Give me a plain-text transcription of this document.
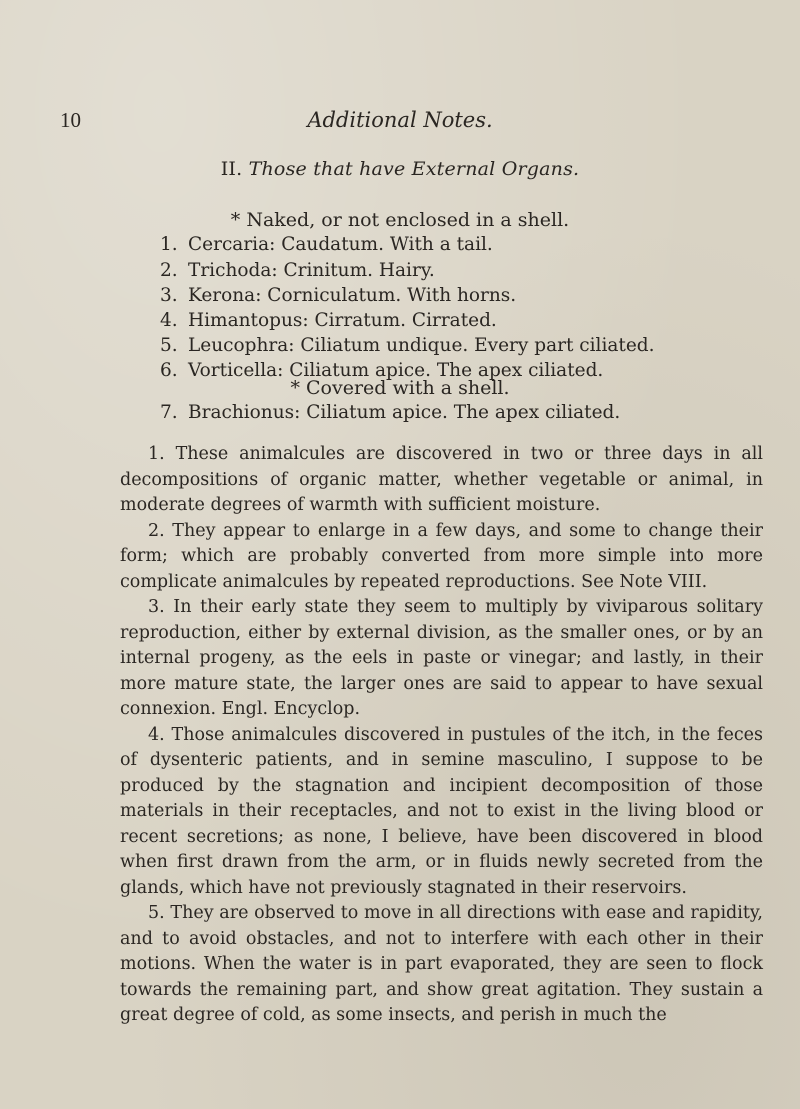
10	Additional Notes.
II. Those that have External Organs.
* Naked, or not enclosed in a shell.
1. Cercaria: Caudatum. With a tail.
2. Trichoda: Crinitum. Hairy.
3. Kerona: Corniculatum. With horns.
4. Himantopus: Cirratum. Cirrated.
5. Leucophra: Ciliatum undique. Every part ciliated.
6. Vorticella: Ciliatum apice. The apex ciliated.
* Covered with a shell.
7. Brachionus: Ciliatum apice. The apex ciliated.

1. These animalcules are discovered in two or three days in all decompositions of organic matter, whether vegetable or animal, in moderate degrees of warmth with sufficient moisture.

2. They appear to enlarge in a few days, and some to change their form; which are probably converted from more simple into more complicate animalcules by repeated reproductions. See Note VIII.

3. In their early state they seem to multiply by viviparous solitary reproduction, either by external division, as the smaller ones, or by an internal progeny, as the eels in paste or vinegar; and lastly, in their more mature state, the larger ones are said to appear to have sexual connexion. Engl. Encyclop.

4. Those animalcules discovered in pustules of the itch, in the feces of dysenteric patients, and in semine masculino, I suppose to be produced by the stagnation and incipient decomposition of those materials in their receptacles, and not to exist in the living blood or recent secretions; as none, I believe, have been discovered in blood when first drawn from the arm, or in fluids newly secreted from the glands, which have not previously stagnated in their reservoirs.

5. They are observed to move in all directions with ease and rapidity, and to avoid obstacles, and not to interfere with each other in their motions. When the water is in part evaporated, they are seen to flock towards the remaining part, and show great agitation. They sustain a great degree of cold, as some insects, and perish in much the
